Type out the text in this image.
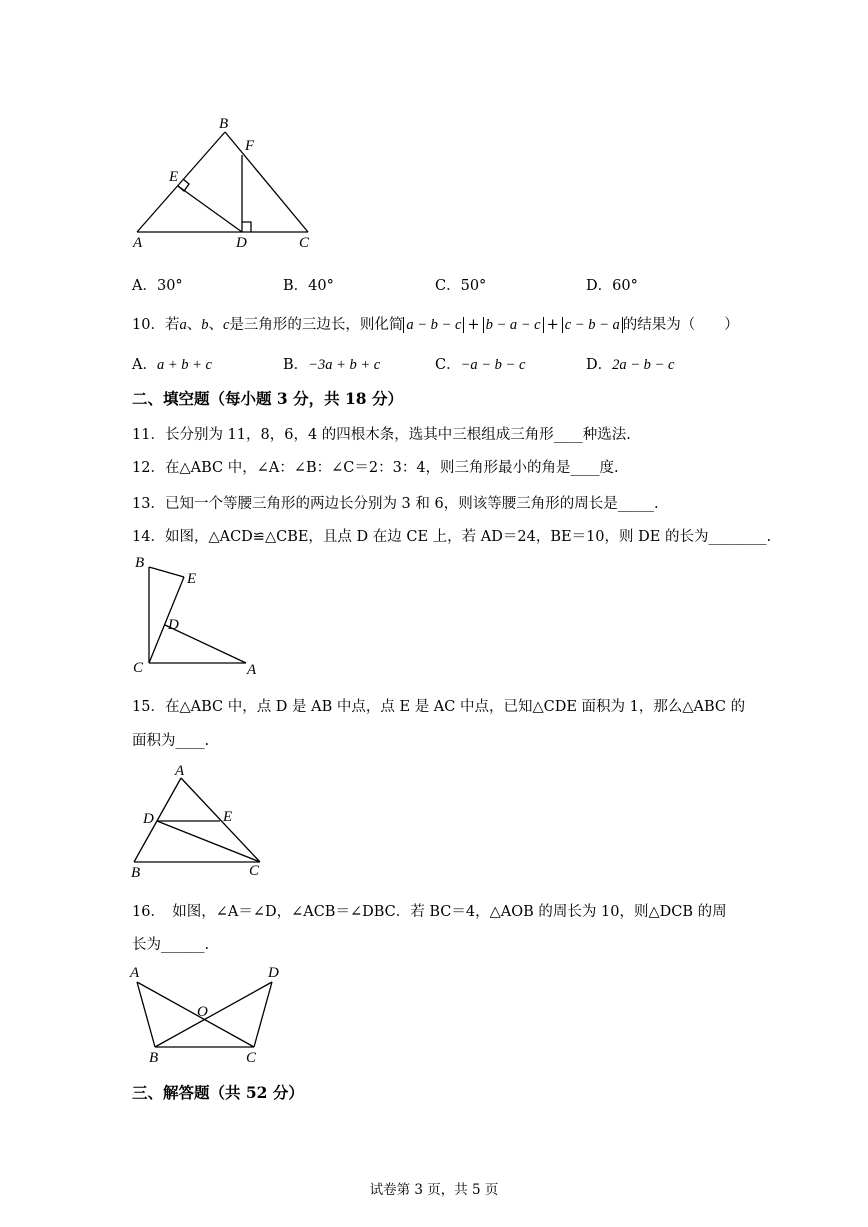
B
F
E
A	D	C
A．30°	B．40°	C．50°	D．60°
10．若a、b、c是三角形的三边长，则化简 a − b − c + b − a − c + c − b − a 的结果为（　　）
A．a + b + c	B．−3a + b + c	C．−a − b − c	D．2a − b − c
二、填空题（每小题 3 分，共 18 分）
11．长分别为 11，8，6，4 的四根木条，选其中三根组成三角形____种选法.
12．在△ABC 中，∠A：∠B：∠C＝2：3：4，则三角形最小的角是____度.
13．已知一个等腰三角形的两边长分别为 3 和 6，则该等腰三角形的周长是_____.
14．如图，△ACD≌△CBE，且点 D 在边 CE 上，若 AD＝24，BE＝10，则 DE 的长为________.
B
E
D
C	A
15．在△ABC 中，点 D 是 AB 中点，点 E 是 AC 中点，已知△CDE 面积为 1，那么△ABC 的
面积为____.
A
D	E
B	C
16．　如图，∠A＝∠D，∠ACB＝∠DBC．若 BC＝4，△AOB 的周长为 10，则△DCB 的周
长为______.
A	D
O
B	C
三、解答题（共 52 分）
试卷第 3 页，共 5 页
